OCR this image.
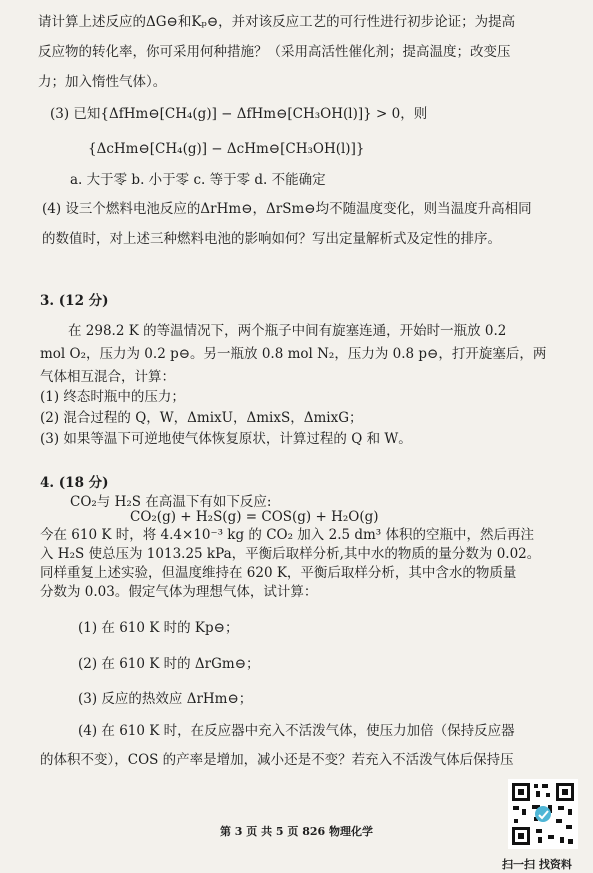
请计算上述反应的ΔG⊖和Kₚ⊖，并对该反应工艺的可行性进行初步论证；为提高
反应物的转化率，你可采用何种措施？（采用高活性催化剂；提高温度；改变压
力；加入惰性气体）。
(3) 已知{ΔfHm⊖[CH₄(g)] − ΔfHm⊖[CH₃OH(l)]} > 0，则
{ΔcHm⊖[CH₄(g)] − ΔcHm⊖[CH₃OH(l)]}
a. 大于零 b. 小于零 c. 等于零 d. 不能确定
(4) 设三个燃料电池反应的ΔrHm⊖，ΔrSm⊖均不随温度变化，则当温度升高相同
的数值时，对上述三种燃料电池的影响如何？写出定量解析式及定性的排序。
3. (12 分)
在 298.2 K 的等温情况下，两个瓶子中间有旋塞连通，开始时一瓶放 0.2
mol O₂，压力为 0.2 p⊖。另一瓶放 0.8 mol N₂，压力为 0.8 p⊖，打开旋塞后，两
气体相互混合，计算：
(1) 终态时瓶中的压力；
(2) 混合过程的 Q，W，ΔmixU，ΔmixS，ΔmixG；
(3) 如果等温下可逆地使气体恢复原状，计算过程的 Q 和 W。
4. (18 分)
CO₂与 H₂S 在高温下有如下反应:
CO₂(g) + H₂S(g) = COS(g) + H₂O(g)
今在 610 K 时，将 4.4×10⁻³ kg 的 CO₂ 加入 2.5 dm³ 体积的空瓶中，然后再注
入 H₂S 使总压为 1013.25 kPa，平衡后取样分析,其中水的物质的量分数为 0.02。
同样重复上述实验，但温度维持在 620 K，平衡后取样分析，其中含水的物质量
分数为 0.03。假定气体为理想气体，试计算：
(1) 在 610 K 时的 Kp⊖；
(2) 在 610 K 时的 ΔrGm⊖；
(3) 反应的热效应 ΔrHm⊖；
(4) 在 610 K 时，在反应器中充入不活泼气体，使压力加倍（保持反应器
的体积不变），COS 的产率是增加，减小还是不变？若充入不活泼气体后保持压
第 3 页 共 5 页 826 物理化学
扫一扫 找资料
